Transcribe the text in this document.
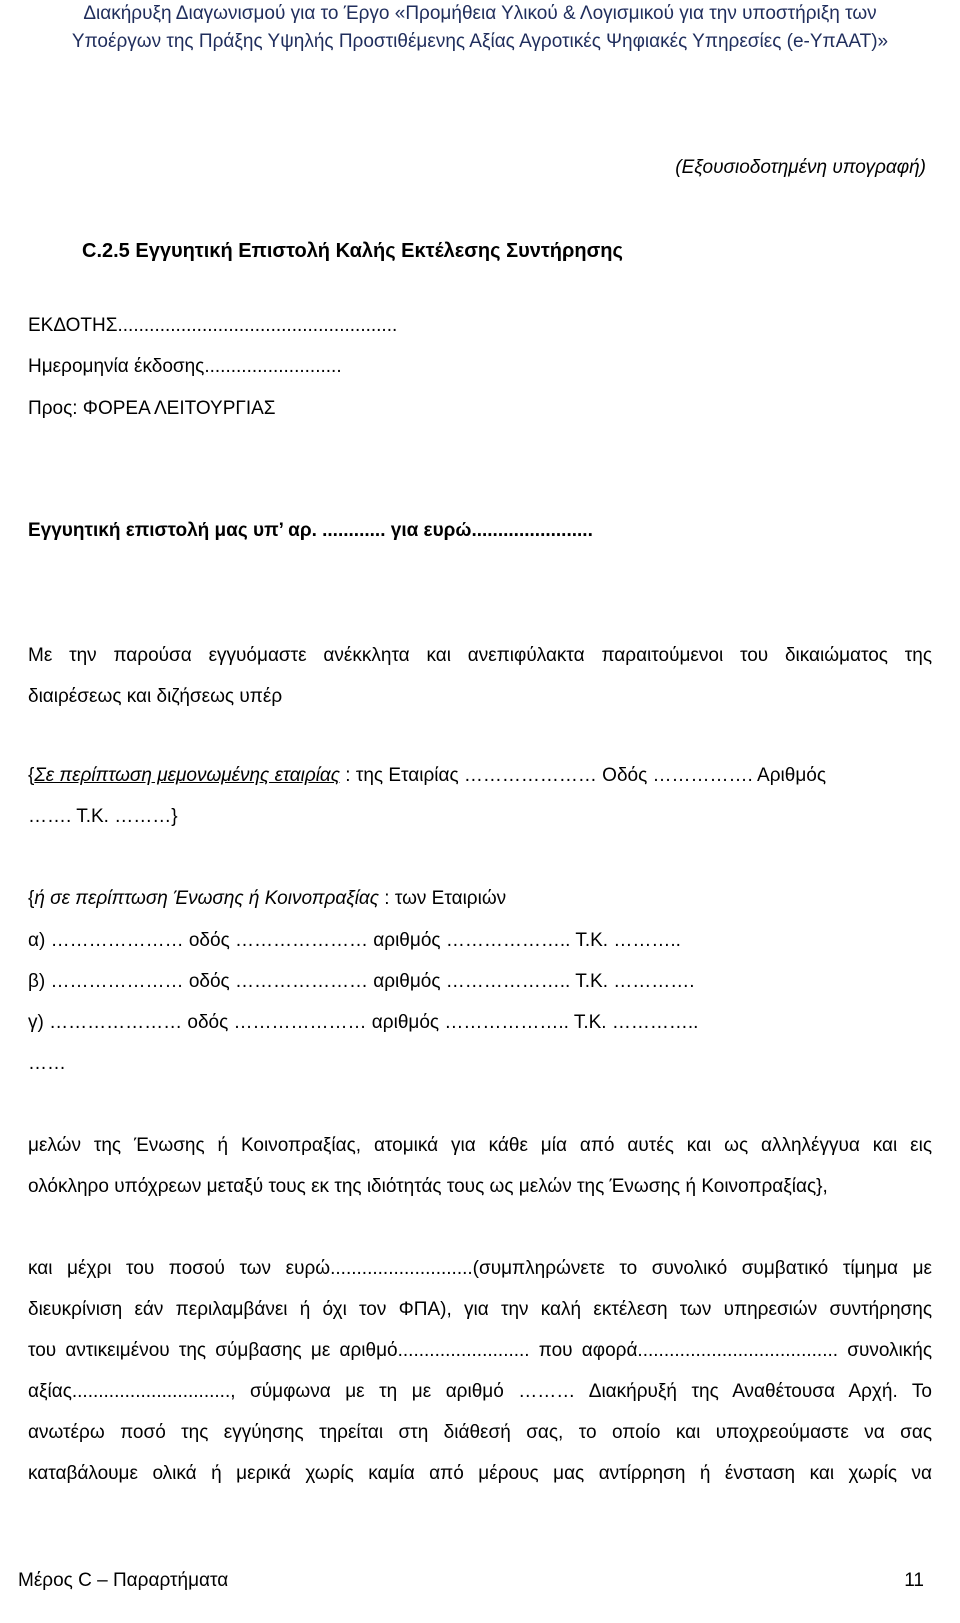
Διακήρυξη Διαγωνισμού για το Έργο «Προμήθεια Υλικού & Λογισμικού για την υποστήριξη των
Υποέργων της Πράξης Υψηλής Προστιθέμενης Αξίας Αγροτικές Ψηφιακές Υπηρεσίες (e-ΥπΑΑΤ)»
(Εξουσιοδοτημένη υπογραφή)
C.2.5 Εγγυητική Επιστολή Καλής Εκτέλεσης Συντήρησης
ΕΚΔΟΤΗΣ.....................................................
Ημερομηνία έκδοσης..........................
Προς: ΦΟΡΕΑ ΛΕΙΤΟΥΡΓΙΑΣ
Εγγυητική επιστολή μας υπ’ αρ. ............ για ευρώ.......................
Με την παρούσα εγγυόμαστε ανέκκλητα και ανεπιφύλακτα παραιτούμενοι του δικαιώματος της
διαιρέσεως και διζήσεως υπέρ
{Σε περίπτωση μεμονωμένης εταιρίας : της Εταιρίας ………………… Οδός ……………. Αριθμός
……. Τ.Κ. ………}
{ή σε περίπτωση Ένωσης ή Κοινοπραξίας : των Εταιριών
α) ………………… οδός ………………… αριθμός ……………….. Τ.Κ. ………..
β) ………………… οδός ………………… αριθμός ……………….. Τ.Κ. ………….
γ) ………………… οδός ………………… αριθμός ……………….. Τ.Κ. …………..
……
μελών της Ένωσης ή Κοινοπραξίας, ατομικά για κάθε μία από αυτές και ως αλληλέγγυα και εις
ολόκληρο υπόχρεων μεταξύ τους εκ της ιδιότητάς τους ως μελών της Ένωσης ή Κοινοπραξίας},
και μέχρι του ποσού των ευρώ...........................(συμπληρώνετε το συνολικό συμβατικό τίμημα με
διευκρίνιση εάν περιλαμβάνει ή όχι τον ΦΠΑ), για την καλή εκτέλεση των υπηρεσιών συντήρησης
του αντικειμένου της σύμβασης με αριθμό......................... που αφορά...................................... συνολικής
αξίας.............................., σύμφωνα με τη με αριθμό ……… Διακήρυξή της Αναθέτουσα Αρχή. Το
ανωτέρω ποσό της εγγύησης τηρείται στη διάθεσή σας, το οποίο και υποχρεούμαστε να σας
καταβάλουμε ολικά ή μερικά χωρίς καμία από μέρους μας αντίρρηση ή ένσταση και χωρίς να
Μέρος C – Παραρτήματα	11
